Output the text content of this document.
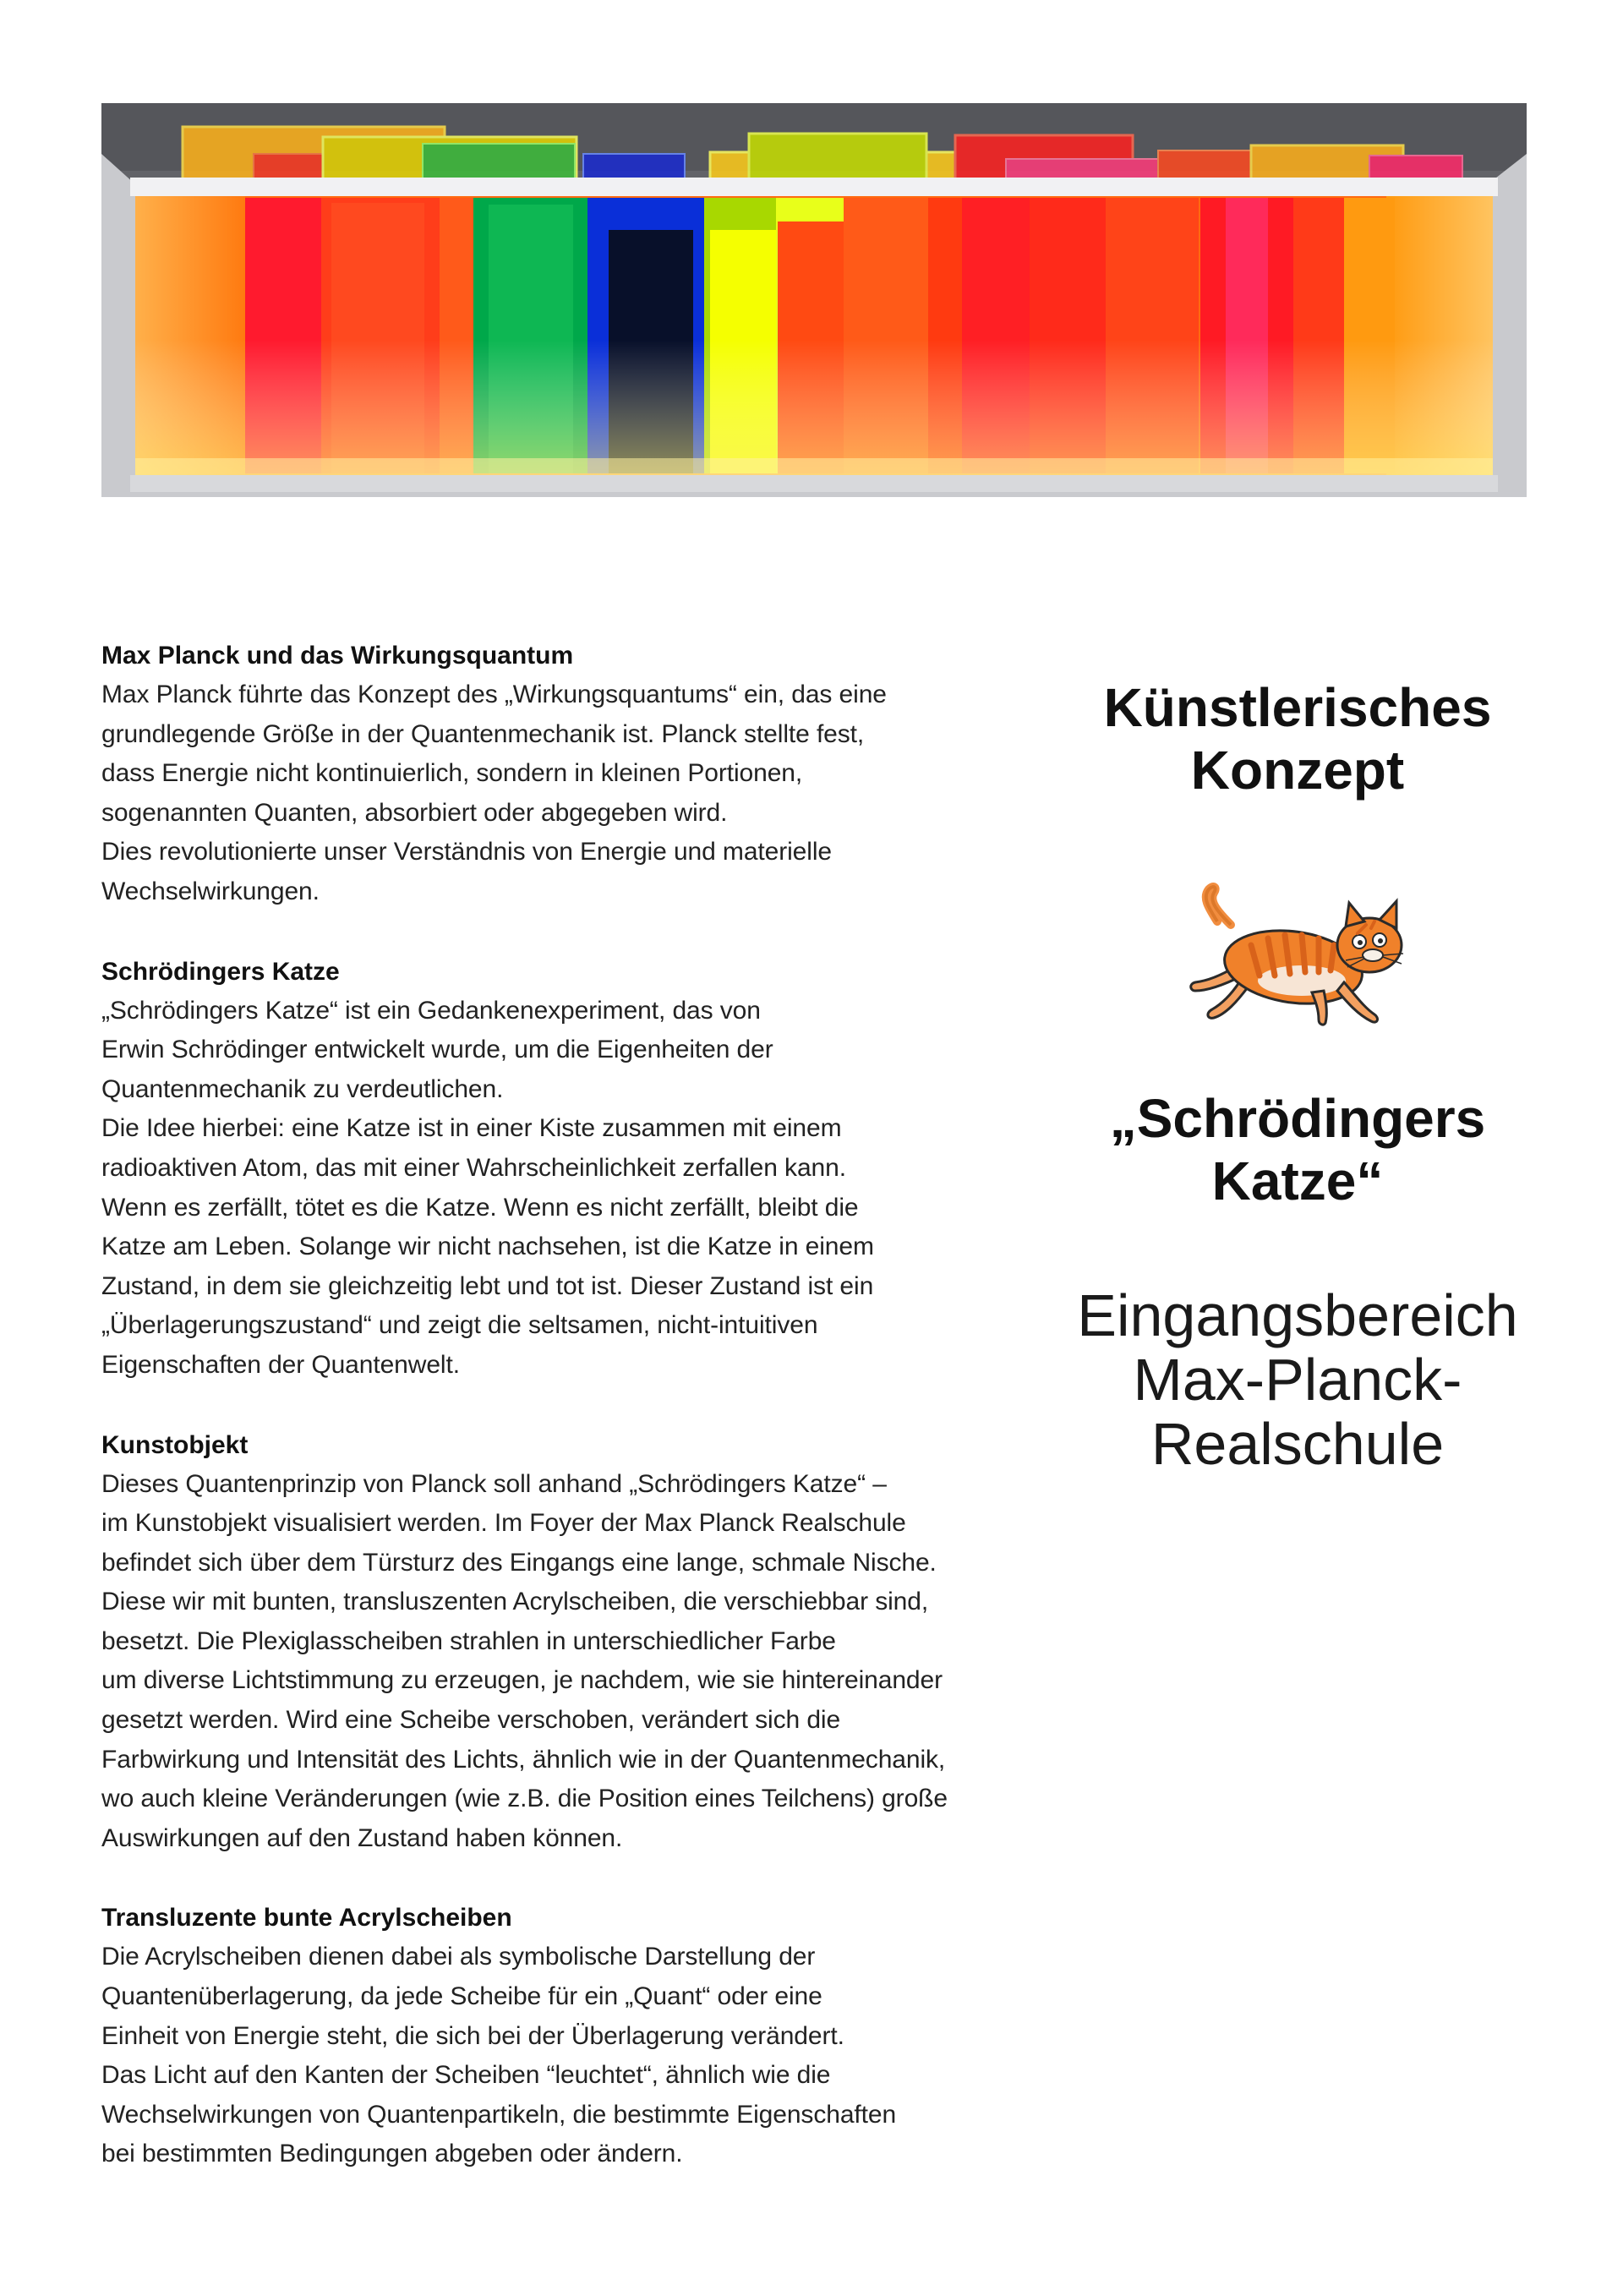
Max Planck und das Wirkungsquantum

Max Planck führte das Konzept des „Wirkungsquantums“ ein, das eine
grundlegende Größe in der Quantenmechanik ist. Planck stellte fest,
dass Energie nicht kontinuierlich, sondern in kleinen Portionen,
sogenannten Quanten, absorbiert oder abgegeben wird.
Dies revolutionierte unser Verständnis von Energie und materielle
Wechselwirkungen.

Schrödingers Katze

„Schrödingers Katze“ ist ein Gedankenexperiment, das von
Erwin Schrödinger entwickelt wurde, um die Eigenheiten der
Quantenmechanik zu verdeutlichen.
Die Idee hierbei: eine Katze ist in einer Kiste zusammen mit einem
radioaktiven Atom, das mit einer Wahrscheinlichkeit zerfallen kann.
Wenn es zerfällt, tötet es die Katze. Wenn es nicht zerfällt, bleibt die
Katze am Leben. Solange wir nicht nachsehen, ist die Katze in einem
Zustand, in dem sie gleichzeitig lebt und tot ist. Dieser Zustand ist ein
„Überlagerungszustand“ und zeigt die seltsamen, nicht-intuitiven
Eigenschaften der Quantenwelt.

Kunstobjekt

Dieses Quantenprinzip von Planck soll anhand „Schrödingers Katze“ –
im Kunstobjekt visualisiert werden. Im Foyer der Max Planck Realschule
befindet sich über dem Türsturz des Eingangs eine lange, schmale Nische.
Diese wir mit bunten, transluszenten Acrylscheiben, die verschiebbar sind,
besetzt. Die Plexiglasscheiben strahlen in unterschiedlicher Farbe
um diverse Lichtstimmung zu erzeugen, je nachdem, wie sie hintereinander
gesetzt werden. Wird eine Scheibe verschoben, verändert sich die
Farbwirkung und Intensität des Lichts, ähnlich wie in der Quantenmechanik,
wo auch kleine Veränderungen (wie z.B. die Position eines Teilchens) große
Auswirkungen auf den Zustand haben können.

Transluzente bunte Acrylscheiben

Die Acrylscheiben dienen dabei als symbolische Darstellung der
Quantenüberlagerung, da jede Scheibe für ein „Quant“ oder eine
Einheit von Energie steht, die sich bei der Überlagerung verändert.
Das Licht auf den Kanten der Scheiben “leuchtet“, ähnlich wie die
Wechselwirkungen von Quantenpartikeln, die bestimmte Eigenschaften
bei bestimmten Bedingungen abgeben oder ändern.

Künstlerisches
Konzept
„Schrödingers
Katze“
Eingangsbereich
Max-Planck-
Realschule
